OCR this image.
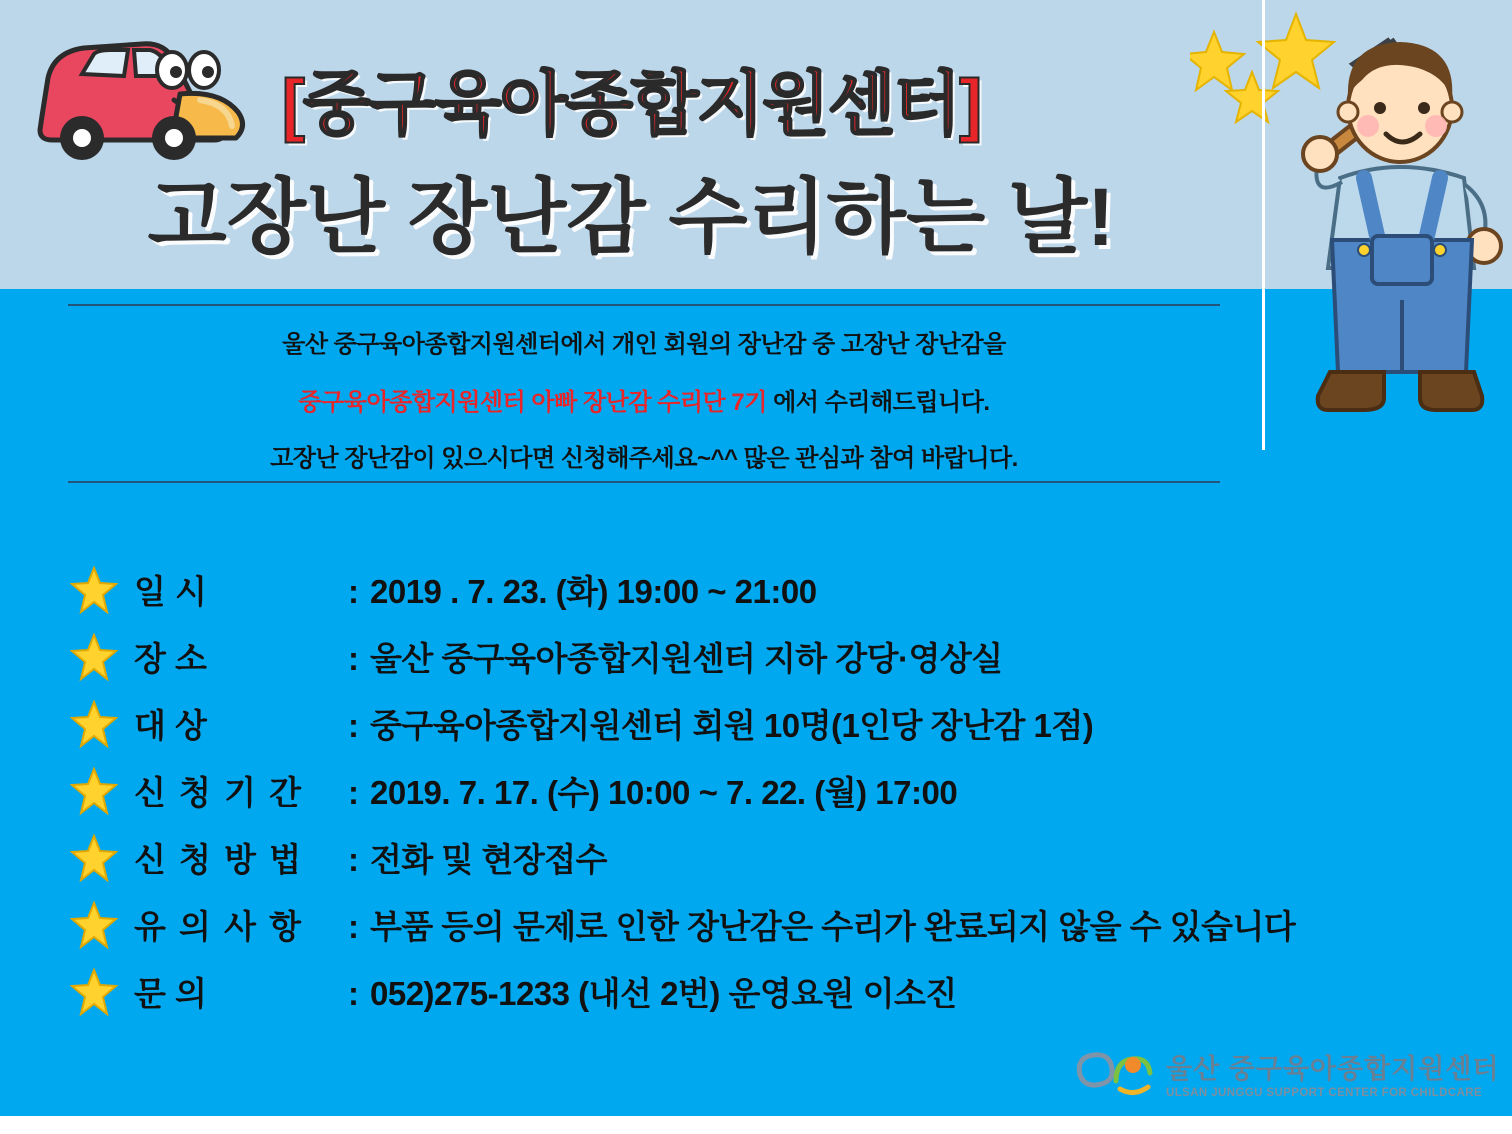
[중구육아종합지원센터]
고장난 장난감 수리하는 날!

울산 중구육아종합지원센터에서 개인 회원의 장난감 중 고장난 장난감을

중구육아종합지원센터 아빠 장난감 수리단 7기 에서 수리해드립니다.

고장난 장난감이 있으시다면 신청해주세요~^^ 많은 관심과 참여 바랍니다.

일 시	: 2019 . 7. 23. (화) 19:00 ~ 21:00
장 소	: 울산 중구육아종합지원센터 지하 강당·영상실
대 상	: 중구육아종합지원센터 회원 10명(1인당 장난감 1점)
신 청 기 간 : 2019. 7. 17. (수) 10:00 ~ 7. 22. (월) 17:00
신 청 방 법 : 전화 및 현장접수
유 의 사 항 : 부품 등의 문제로 인한 장난감은 수리가 완료되지 않을 수 있습니다
문 의	: 052)275-1233 (내선 2번) 운영요원 이소진
울산 중구육아종합지원센터
ULSAN JUNGGU SUPPORT CENTER FOR CHILDCARE
